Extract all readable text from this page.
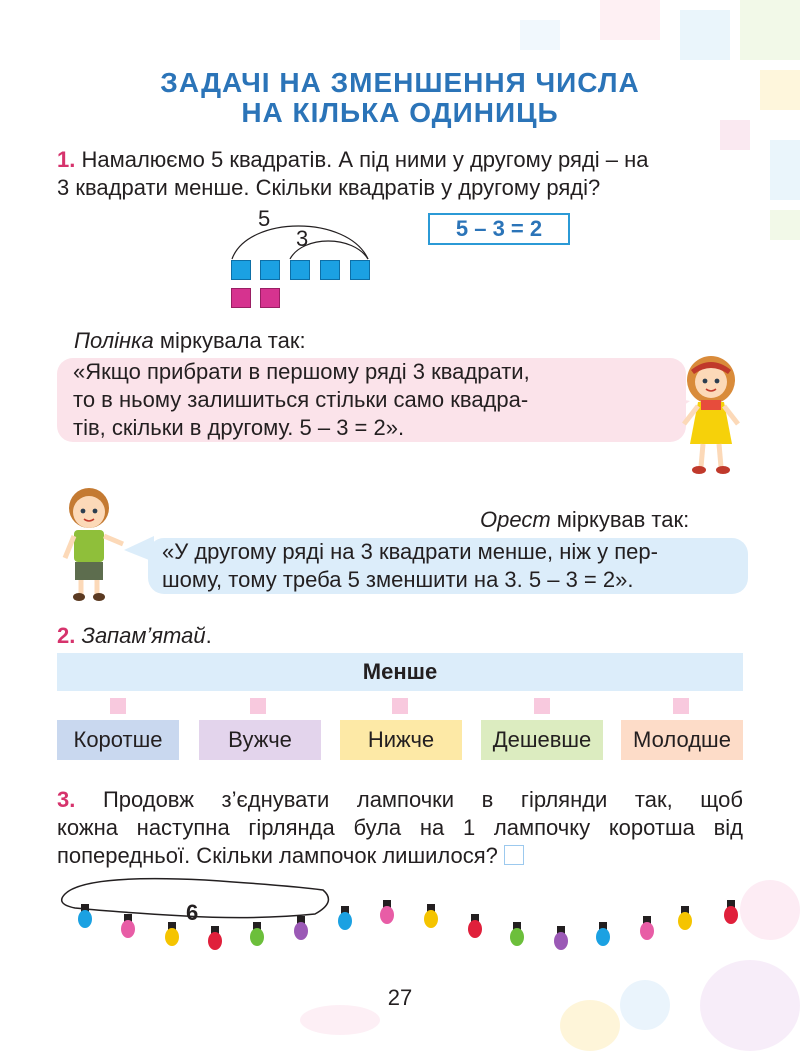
ЗАДАЧІ НА ЗМЕНШЕННЯ ЧИСЛА
НА КІЛЬКА ОДИНИЦЬ
1. Намалюємо 5 квадратів. А під ними у другому ряді – на
3 квадрати менше. Скільки квадратів у другому ряді?
5
3	5 – 3 = 2
Полінка міркувала так:
«Якщо прибрати в першому ряді 3 квадрати,
то в ньому залишиться стільки само квадра-
тів, скільки в другому. 5 – 3 = 2».
Орест міркував так:
«У другому ряді на 3 квадрати менше, ніж у пер-
шому, тому треба 5 зменшити на 3. 5 – 3 = 2».
2. Запам’ятай.
Менше
Коротше	Вужче	Нижче	Дешевше	Молодше
3. Продовж з’єднувати лампочки в гірлянди так, щоб
кожна наступна гірлянда була на 1 лампочку коротша від
попередньої. Скільки лампочок лишилося?
6
27
